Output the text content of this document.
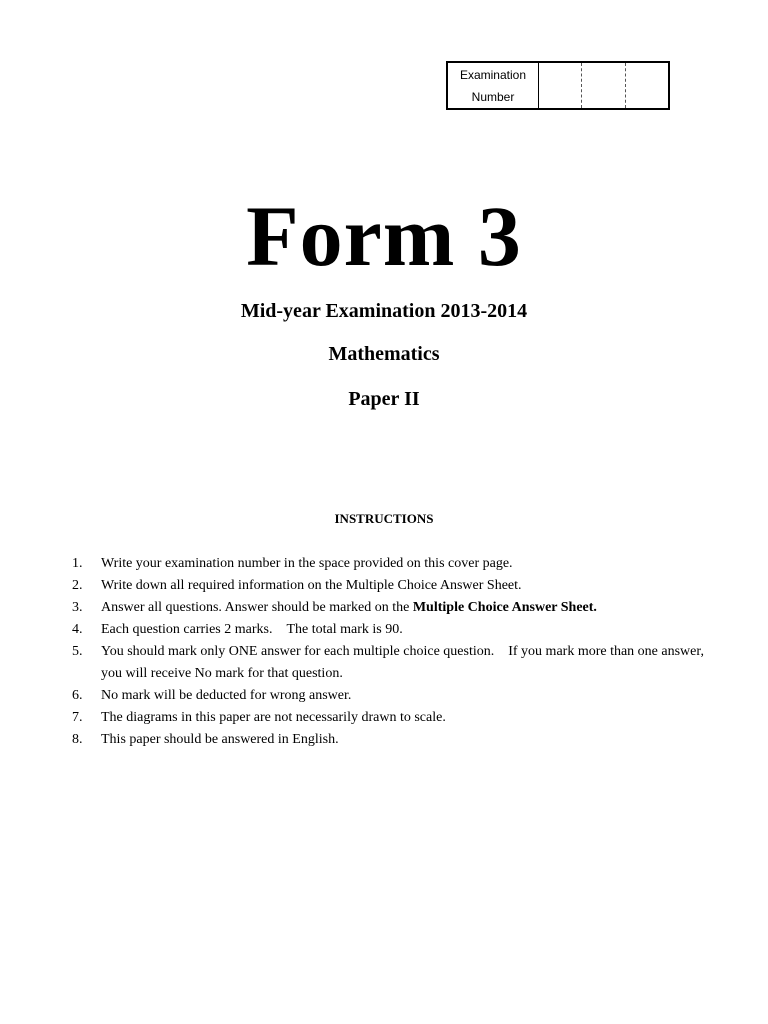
Examination
Number
Form 3
Mid-year Examination 2013-2014
Mathematics
Paper II
INSTRUCTIONS
1.	Write your examination number in the space provided on this cover page.
2.	Write down all required information on the Multiple Choice Answer Sheet.
3.	Answer all questions. Answer should be marked on the Multiple Choice Answer Sheet.
4.	Each question carries 2 marks.    The total mark is 90.
5.	You should mark only ONE answer for each multiple choice question.    If you mark more than one answer, you will receive No mark for that question.
6.	No mark will be deducted for wrong answer.
7.	The diagrams in this paper are not necessarily drawn to scale.
8.	This paper should be answered in English.
